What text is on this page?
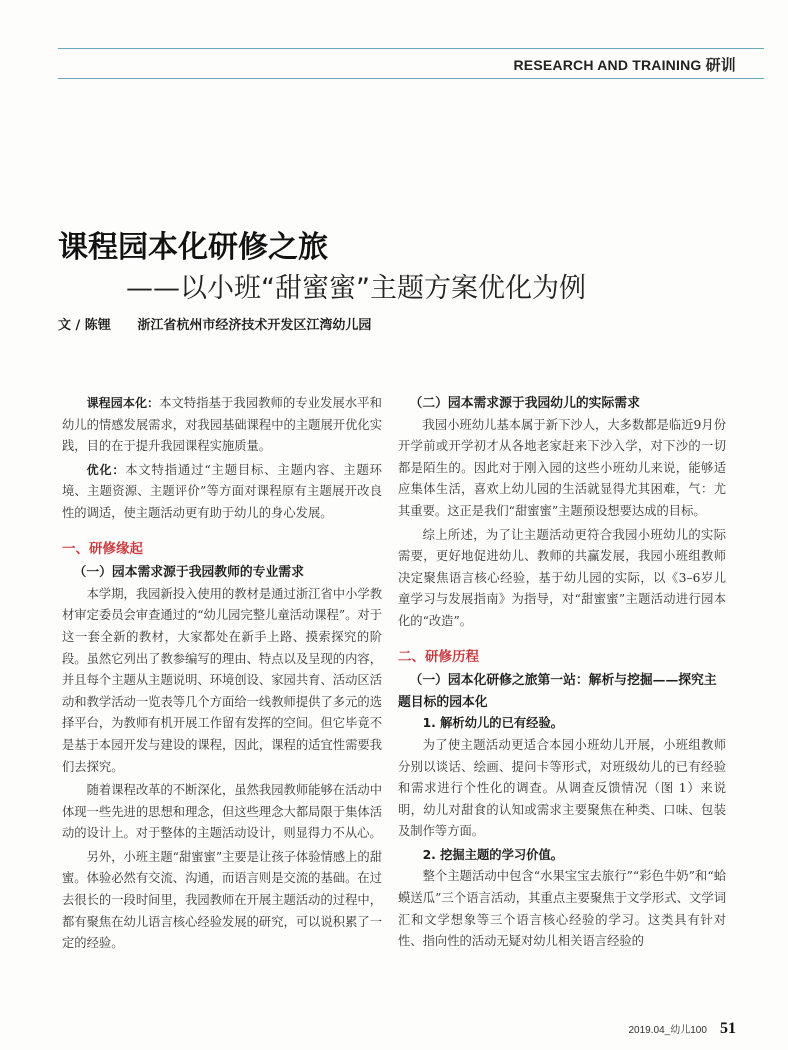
RESEARCH AND TRAINING 研训
课程园本化研修之旅
——以小班“甜蜜蜜”主题方案优化为例
文 / 陈锂 浙江省杭州市经济技术开发区江湾幼儿园

课程园本化：本文特指基于我园教师的专业发展水平和幼儿的情感发展需求，对我园基础课程中的主题展开优化实践，目的在于提升我园课程实施质量。

优化：本文特指通过“主题目标、主题内容、主题环境、主题资源、主题评价”等方面对课程原有主题展开改良性的调适，使主题活动更有助于幼儿的身心发展。

一、研修缘起
（一）园本需求源于我园教师的专业需求

本学期，我园新投入使用的教材是通过浙江省中小学教材审定委员会审查通过的“幼儿园完整儿童活动课程”。对于这一套全新的教材，大家都处在新手上路、摸索探究的阶段。虽然它列出了教参编写的理由、特点以及呈现的内容，并且每个主题从主题说明、环境创设、家园共育、活动区活动和教学活动一览表等几个方面给一线教师提供了多元的选择平台，为教师有机开展工作留有发挥的空间。但它毕竟不是基于本园开发与建设的课程，因此，课程的适宜性需要我们去探究。

随着课程改革的不断深化，虽然我园教师能够在活动中体现一些先进的思想和理念，但这些理念大都局限于集体活动的设计上。对于整体的主题活动设计，则显得力不从心。

另外，小班主题“甜蜜蜜”主要是让孩子体验情感上的甜蜜。体验必然有交流、沟通，而语言则是交流的基础。在过去很长的一段时间里，我园教师在开展主题活动的过程中，都有聚焦在幼儿语言核心经验发展的研究，可以说积累了一定的经验。

（二）园本需求源于我园幼儿的实际需求

我园小班幼儿基本属于新下沙人，大多数都是临近9月份开学前或开学初才从各地老家赶来下沙入学，对下沙的一切都是陌生的。因此对于刚入园的这些小班幼儿来说，能够适应集体生活，喜欢上幼儿园的生活就显得尤其困难，气：尤其重要。这正是我们“甜蜜蜜”主题预设想要达成的目标。

综上所述，为了让主题活动更符合我园小班幼儿的实际需要，更好地促进幼儿、教师的共赢发展，我园小班组教师决定聚焦语言核心经验，基于幼儿园的实际，以《3–6岁儿童学习与发展指南》为指导，对“甜蜜蜜”主题活动进行园本化的“改造”。

二、研修历程
（一）园本化研修之旅第一站：解析与挖掘——探究主题目标的园本化
1. 解析幼儿的已有经验。

为了使主题活动更适合本园小班幼儿开展，小班组教师分别以谈话、绘画、提问卡等形式，对班级幼儿的已有经验和需求进行个性化的调查。从调查反馈情况（图 1）来说明，幼儿对甜食的认知或需求主要聚焦在种类、口味、包装及制作等方面。

2. 挖掘主题的学习价值。

整个主题活动中包含“水果宝宝去旅行”“彩色牛奶”和“蛤蟆送瓜”三个语言活动，其重点主要聚焦于文学形式、文学词汇和文学想象等三个语言核心经验的学习。这类具有针对性、指向性的活动无疑对幼儿相关语言经验的

2019.04_幼儿100 51
